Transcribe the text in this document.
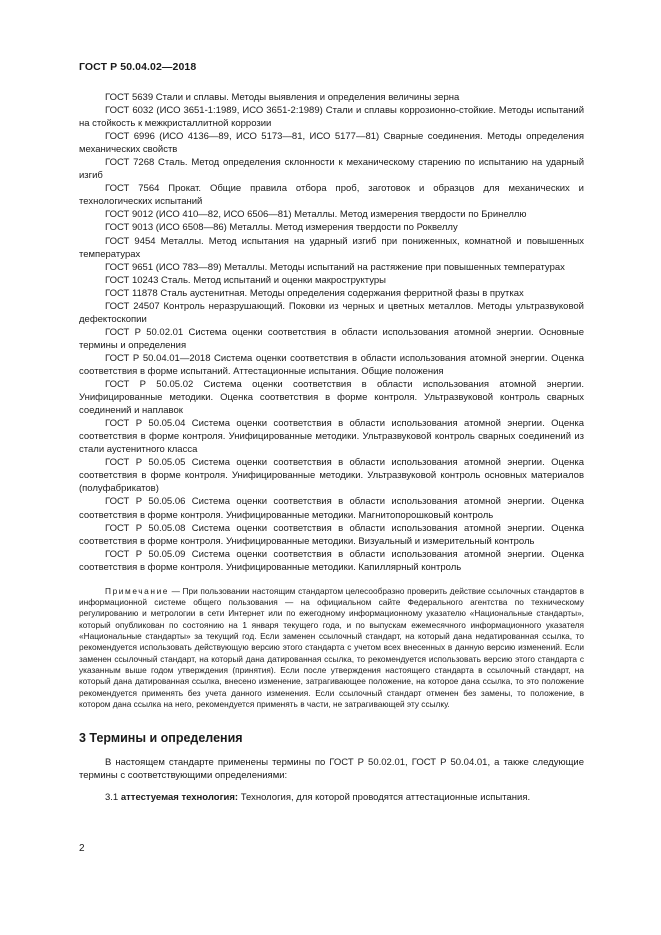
ГОСТ Р 50.04.02—2018

ГОСТ 5639 Стали и сплавы. Методы выявления и определения величины зерна

ГОСТ 6032 (ИСО 3651-1:1989, ИСО 3651-2:1989) Стали и сплавы коррозионно-стойкие. Методы испытаний на стойкость к межкристаллитной коррозии

ГОСТ 6996 (ИСО 4136—89, ИСО 5173—81, ИСО 5177—81) Сварные соединения. Методы определения механических свойств

ГОСТ 7268 Сталь. Метод определения склонности к механическому старению по испытанию на ударный изгиб

ГОСТ 7564 Прокат. Общие правила отбора проб, заготовок и образцов для механических и технологических испытаний

ГОСТ 9012 (ИСО 410—82, ИСО 6506—81) Металлы. Метод измерения твердости по Бринеллю

ГОСТ 9013 (ИСО 6508—86) Металлы. Метод измерения твердости по Роквеллу

ГОСТ 9454 Металлы. Метод испытания на ударный изгиб при пониженных, комнатной и повышенных температурах

ГОСТ 9651 (ИСО 783—89) Металлы. Методы испытаний на растяжение при повышенных температурах

ГОСТ 10243 Сталь. Метод испытаний и оценки макроструктуры

ГОСТ 11878 Сталь аустенитная. Методы определения содержания ферритной фазы в прутках

ГОСТ 24507 Контроль неразрушающий. Поковки из черных и цветных металлов. Методы ультразвуковой дефектоскопии

ГОСТ Р 50.02.01 Система оценки соответствия в области использования атомной энергии. Основные термины и определения

ГОСТ Р 50.04.01—2018 Система оценки соответствия в области использования атомной энергии. Оценка соответствия в форме испытаний. Аттестационные испытания. Общие положения

ГОСТ Р 50.05.02 Система оценки соответствия в области использования атомной энергии. Унифицированные методики. Оценка соответствия в форме контроля. Ультразвуковой контроль сварных соединений и наплавок

ГОСТ Р 50.05.04 Система оценки соответствия в области использования атомной энергии. Оценка соответствия в форме контроля. Унифицированные методики. Ультразвуковой контроль сварных соединений из стали аустенитного класса

ГОСТ Р 50.05.05 Система оценки соответствия в области использования атомной энергии. Оценка соответствия в форме контроля. Унифицированные методики. Ультразвуковой контроль основных материалов (полуфабрикатов)

ГОСТ Р 50.05.06 Система оценки соответствия в области использования атомной энергии. Оценка соответствия в форме контроля. Унифицированные методики. Магнитопорошковый контроль

ГОСТ Р 50.05.08 Система оценки соответствия в области использования атомной энергии. Оценка соответствия в форме контроля. Унифицированные методики. Визуальный и измерительный контроль

ГОСТ Р 50.05.09 Система оценки соответствия в области использования атомной энергии. Оценка соответствия в форме контроля. Унифицированные методики. Капиллярный контроль

Примечание — При пользовании настоящим стандартом целесообразно проверить действие ссылочных стандартов в информационной системе общего пользования — на официальном сайте Федерального агентства по техническому регулированию и метрологии в сети Интернет или по ежегодному информационному указателю «Национальные стандарты», который опубликован по состоянию на 1 января текущего года, и по выпускам ежемесячного информационного указателя «Национальные стандарты» за текущий год. Если заменен ссылочный стандарт, на который дана недатированная ссылка, то рекомендуется использовать действующую версию этого стандарта с учетом всех внесенных в данную версию изменений. Если заменен ссылочный стандарт, на который дана датированная ссылка, то рекомендуется использовать версию этого стандарта с указанным выше годом утверждения (принятия). Если после утверждения настоящего стандарта в ссылочный стандарт, на который дана датированная ссылка, внесено изменение, затрагивающее положение, на которое дана ссылка, то это положение рекомендуется применять без учета данного изменения. Если ссылочный стандарт отменен без замены, то положение, в котором дана ссылка на него, рекомендуется применять в части, не затрагивающей эту ссылку.

3 Термины и определения

В настоящем стандарте применены термины по ГОСТ Р 50.02.01, ГОСТ Р 50.04.01, а также следующие термины с соответствующими определениями:

3.1 аттестуемая технология: Технология, для которой проводятся аттестационные испытания.

2
